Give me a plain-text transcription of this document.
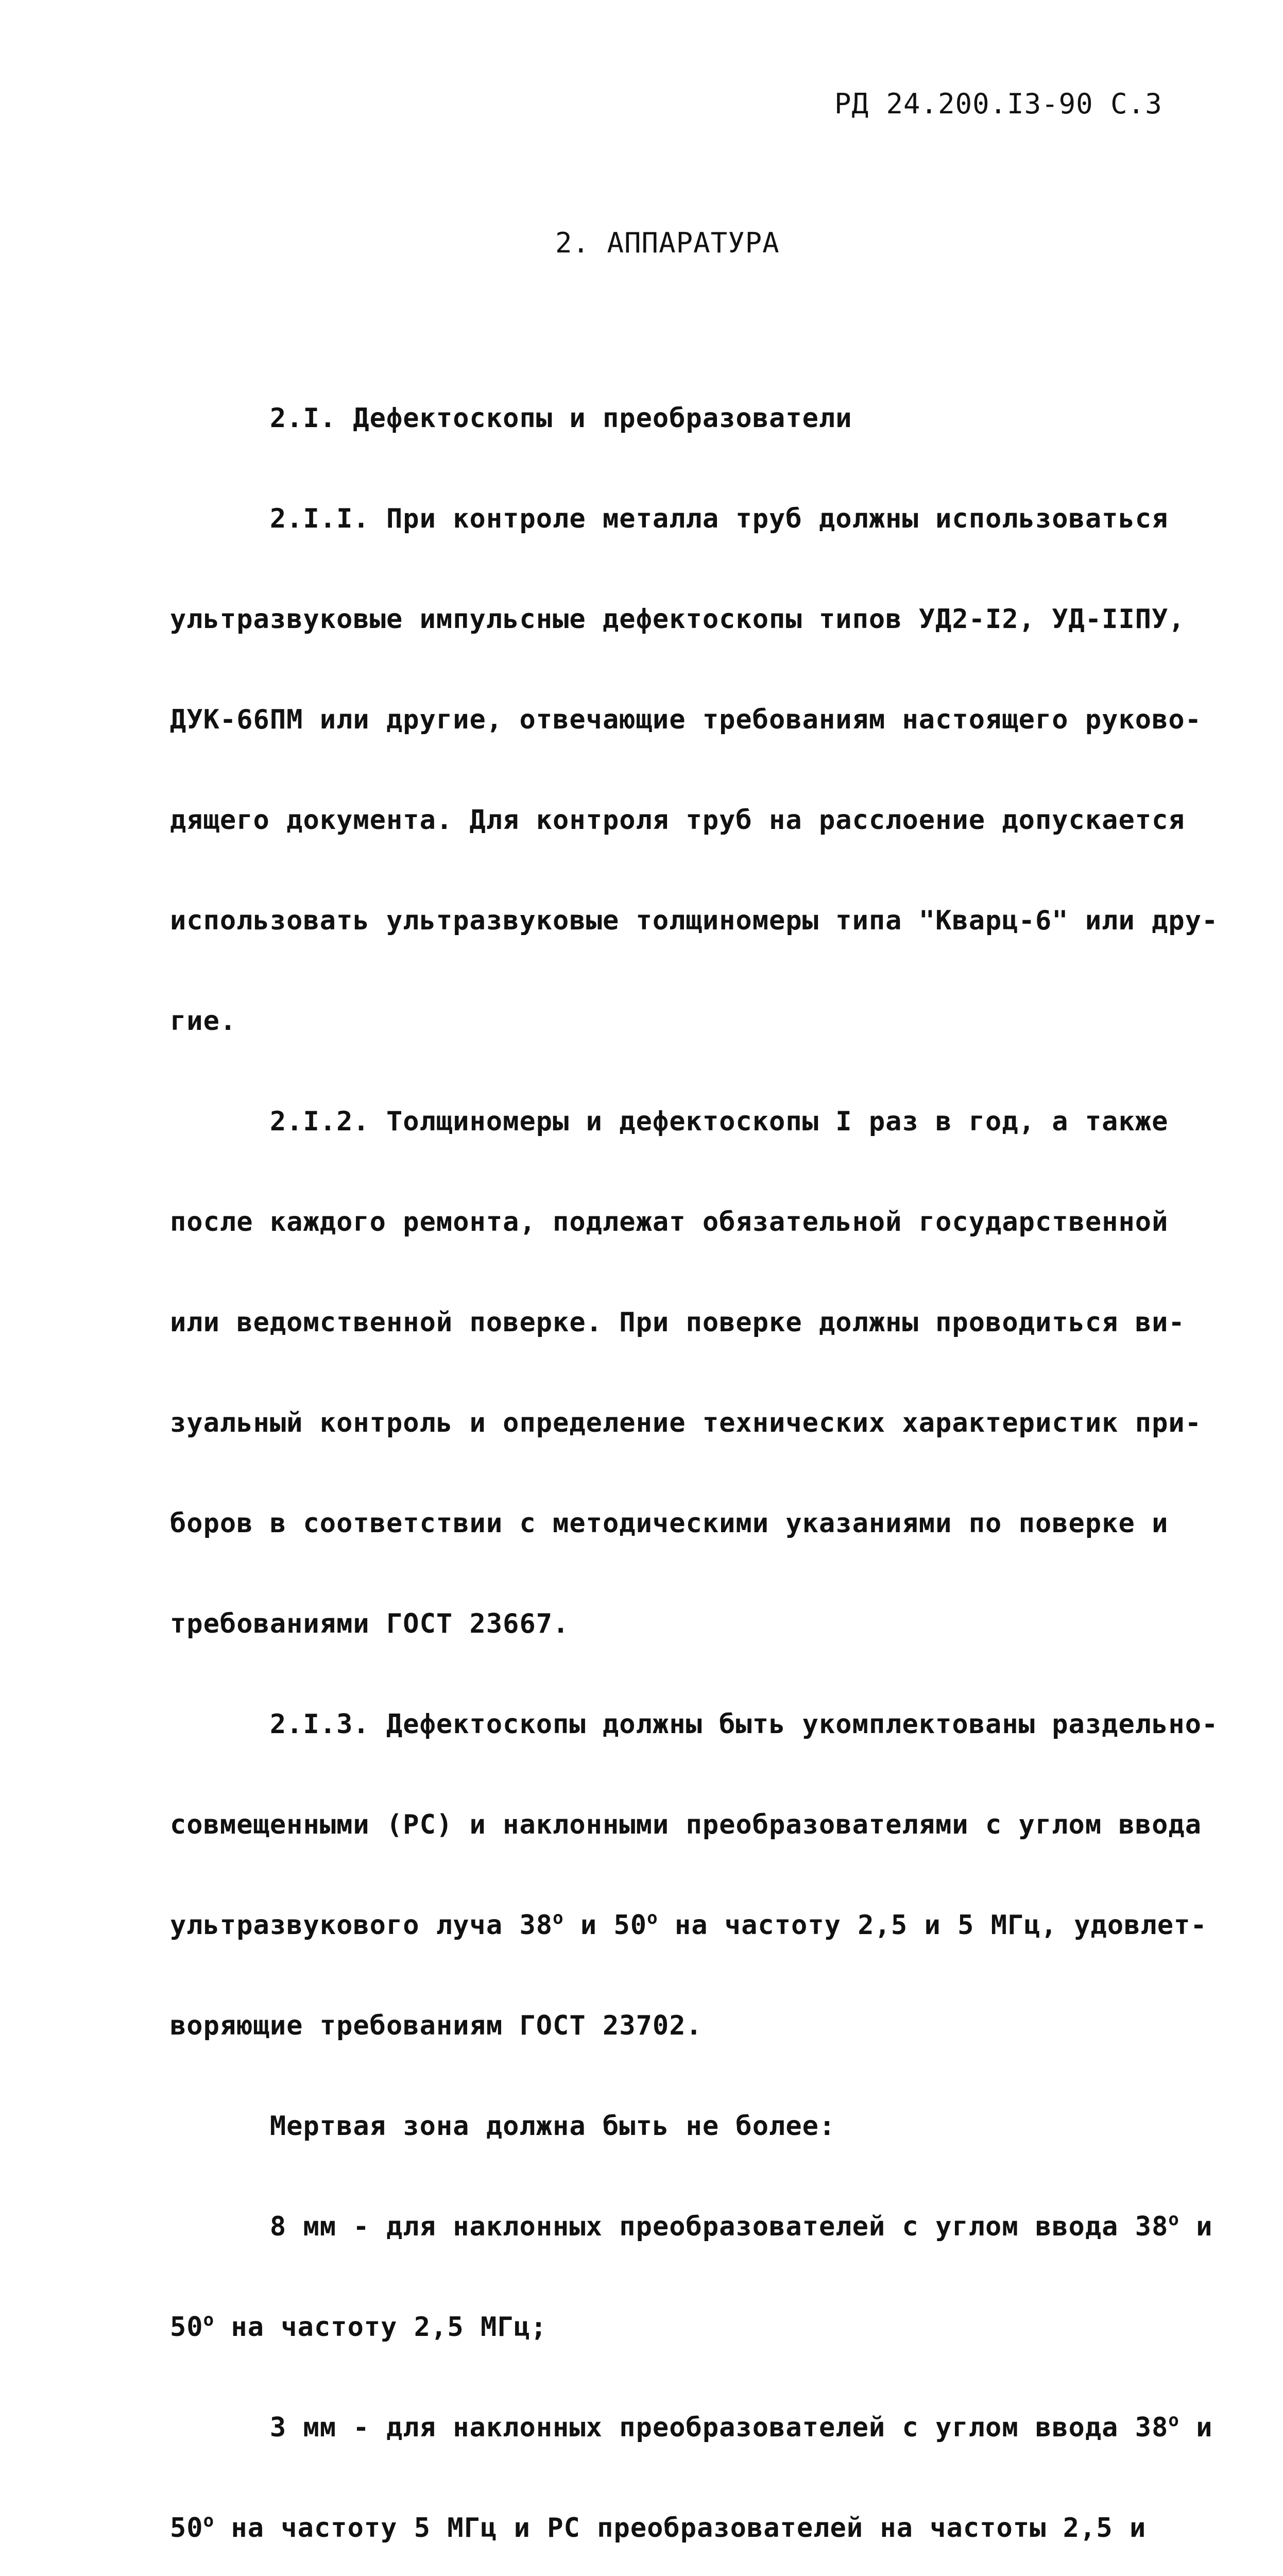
РД 24.200.I3-90 С.3
2. АППАРАТУРА

2.I. Дефектоскопы и преобразователи

2.I.I. При контроле металла труб должны использоваться

ультразвуковые импульсные дефектоскопы типов УД2-I2, УД-IIПУ,

ДУК-66ПМ или другие, отвечающие требованиям настоящего руково-

дящего документа. Для контроля труб на расслоение допускается

использовать ультразвуковые толщиномеры типа "Кварц-6" или дру-

гие.

2.I.2. Толщиномеры и дефектоскопы I раз в год, а также

после каждого ремонта, подлежат обязательной государственной

или ведомственной поверке. При поверке должны проводиться ви-

зуальный контроль и определение технических характеристик при-

боров в соответствии с методическими указаниями по поверке и

требованиями ГОСТ 23667.

2.I.3. Дефектоскопы должны быть укомплектованы раздельно-

совмещенными (РС) и наклонными преобразователями с углом ввода

ультразвукового луча 38$^o$ и 50$^o$ на частоту 2,5 и 5 МГц, удовлет-

воряющие требованиям ГОСТ 23702.

Мертвая зона должна быть не более:

8 мм - для наклонных преобразователей с углом ввода 38$^o$ и

50$^o$ на частоту 2,5 МГц;

3 мм - для наклонных преобразователей с углом ввода 38$^o$ и

50$^o$ на частоту 5 МГц и РС преобразователей на частоты 2,5 и
